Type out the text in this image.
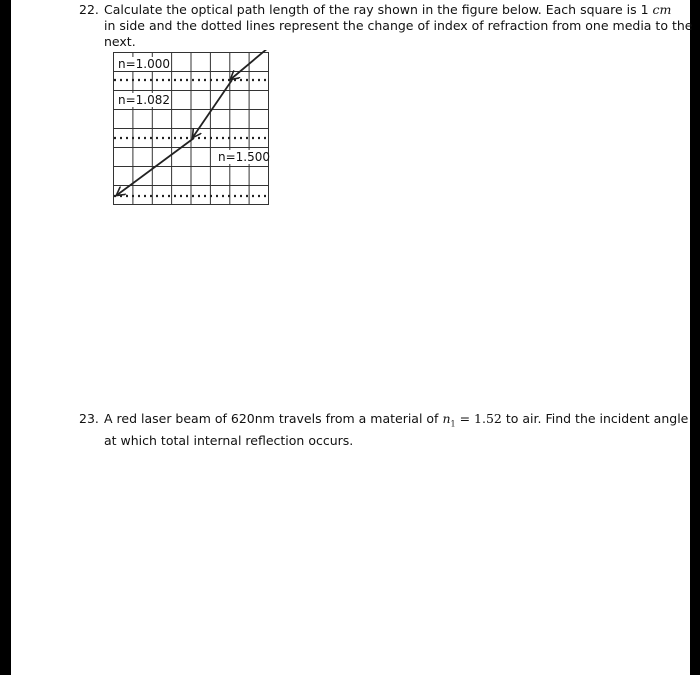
22. Calculate the optical path length of the ray shown in the figure below. Each square is 1 cm
in side and the dotted lines represent the change of index of refraction from one media to the
next.
n=1.000
n=1.082
n=1.500
23. A red laser beam of 620nm travels from a material of $n_1 = 1.52$ to air. Find the incident angle
at which total internal reflection occurs.
